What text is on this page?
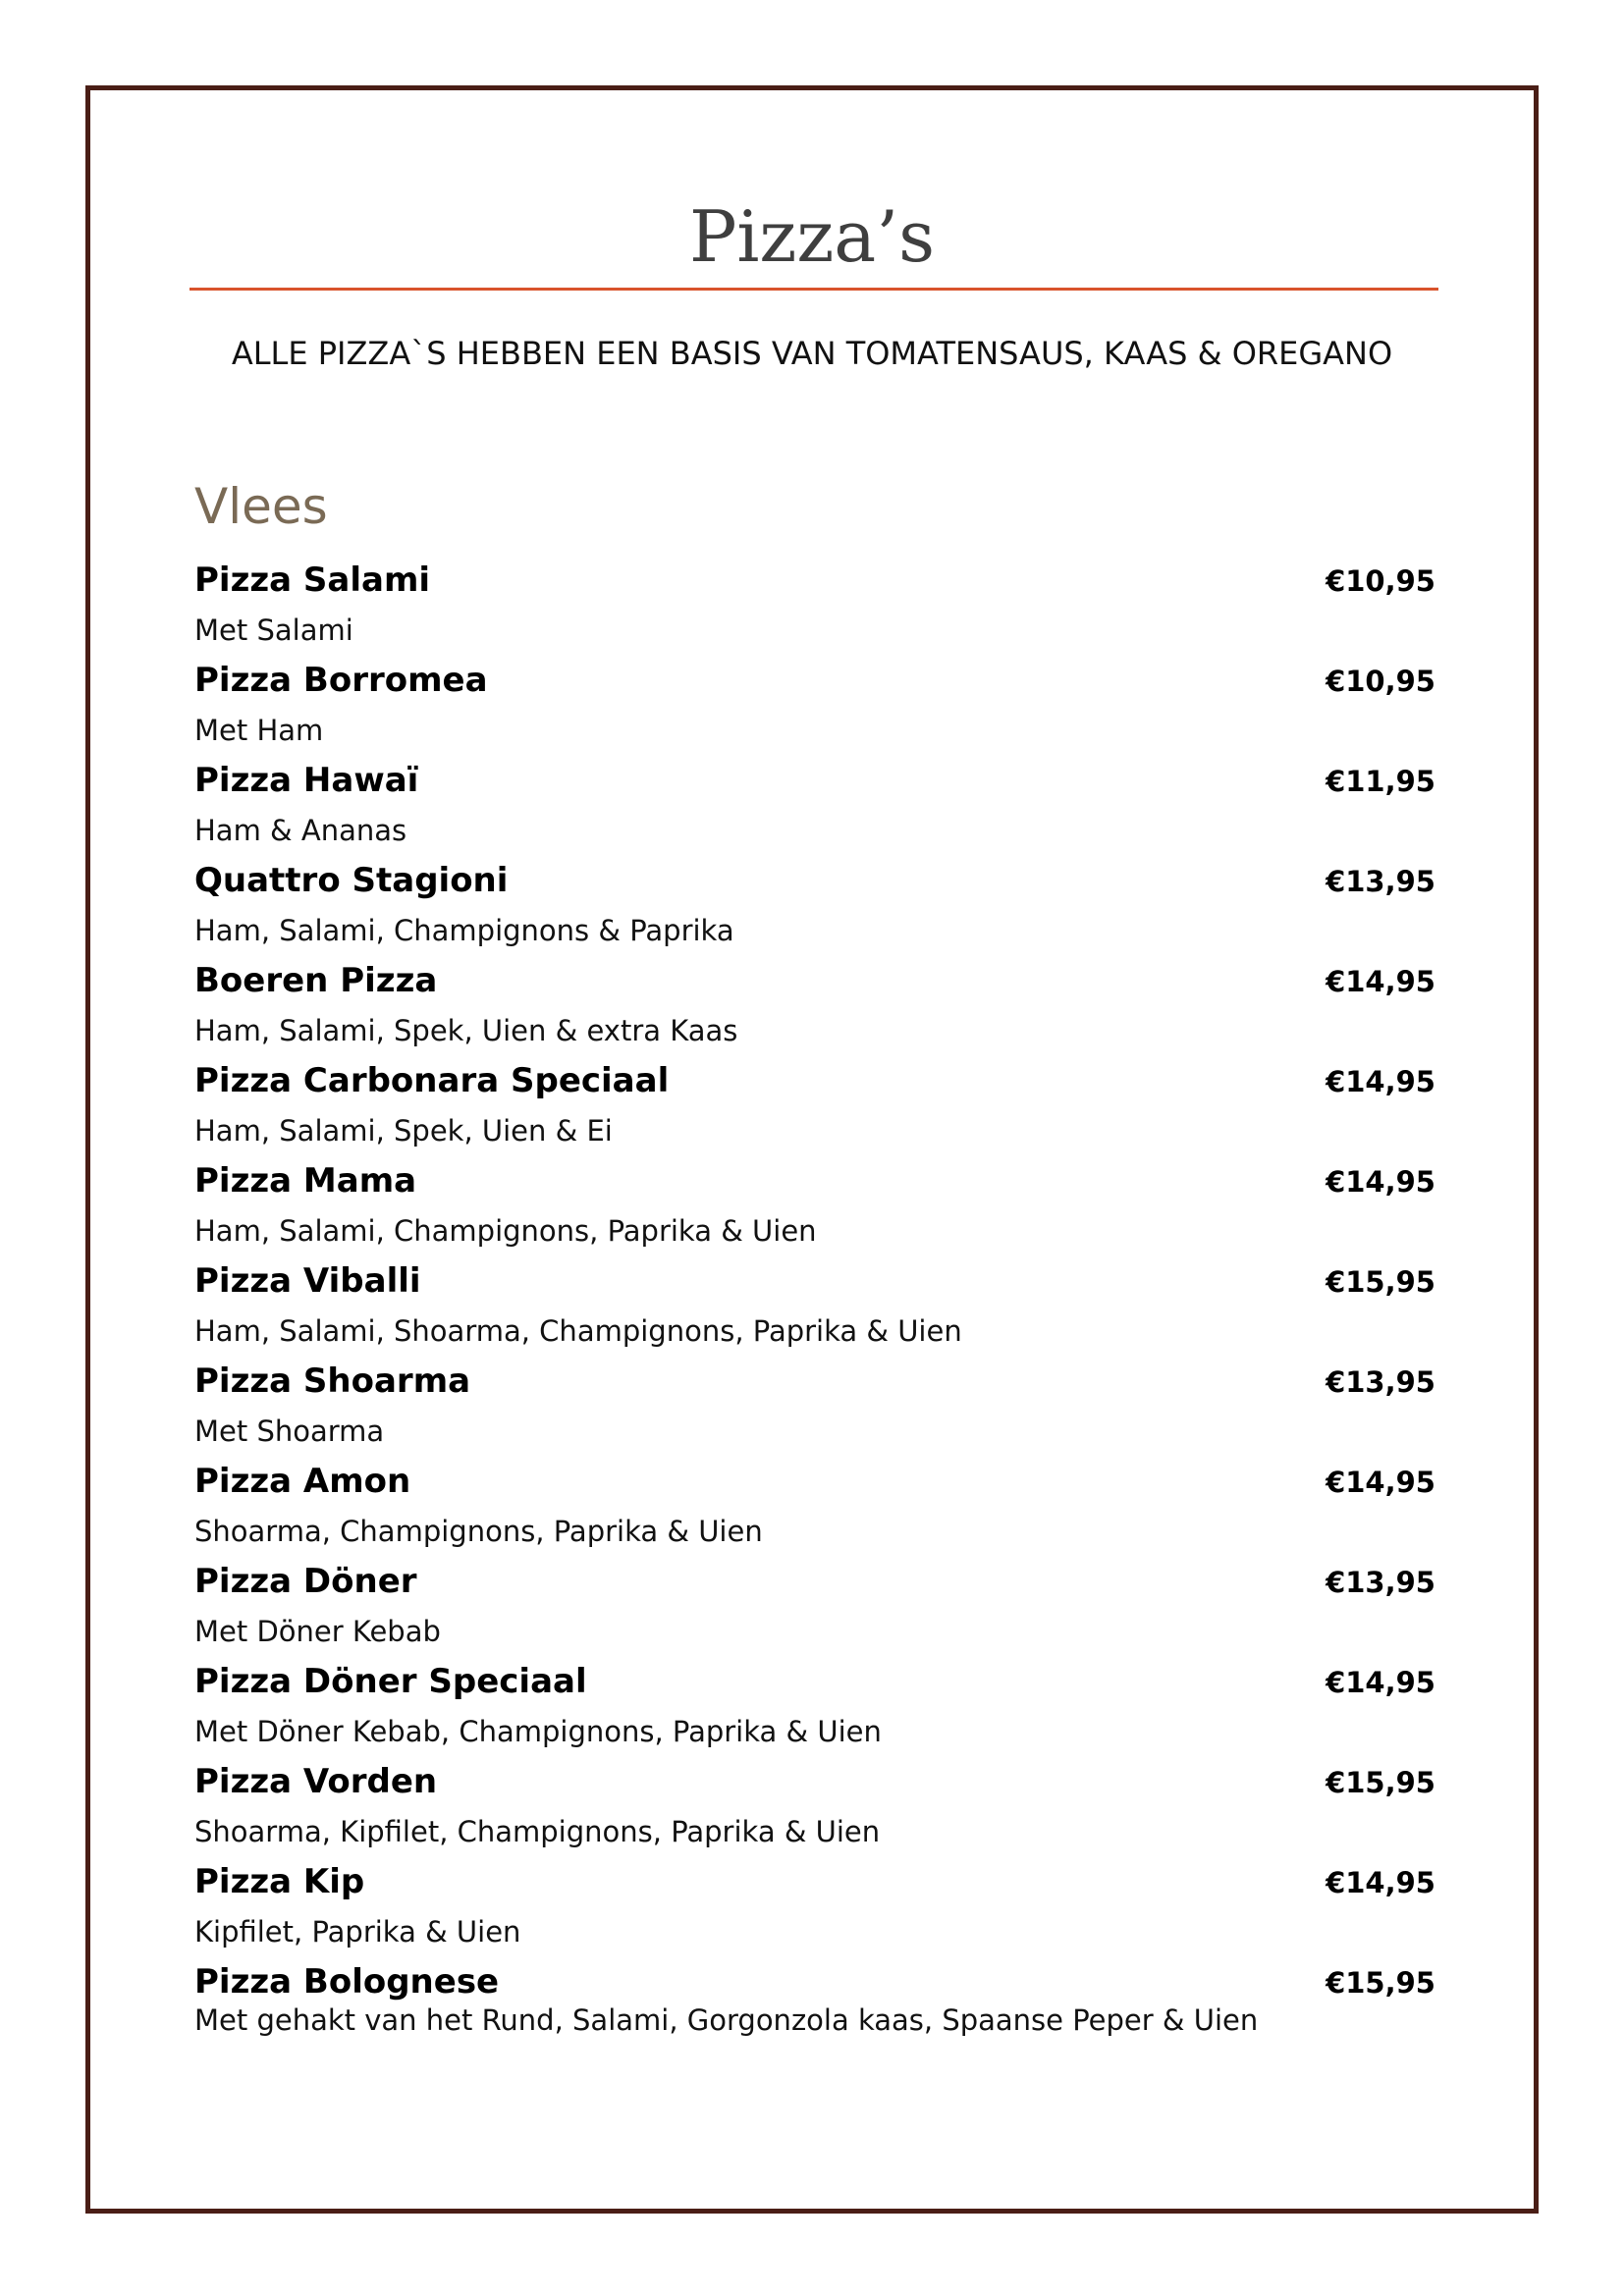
Pizza’s
ALLE PIZZA`S HEBBEN EEN BASIS VAN TOMATENSAUS, KAAS & OREGANO
Vlees
Pizza Salami	€10,95
Met Salami
Pizza Borromea	€10,95
Met Ham
Pizza Hawaï	€11,95
Ham & Ananas
Quattro Stagioni	€13,95
Ham, Salami, Champignons & Paprika
Boeren Pizza	€14,95
Ham, Salami, Spek, Uien & extra Kaas
Pizza Carbonara Speciaal	€14,95
Ham, Salami, Spek, Uien & Ei
Pizza Mama	€14,95
Ham, Salami, Champignons, Paprika & Uien
Pizza Viballi	€15,95
Ham, Salami, Shoarma, Champignons, Paprika & Uien
Pizza Shoarma	€13,95
Met Shoarma
Pizza Amon	€14,95
Shoarma, Champignons, Paprika & Uien
Pizza Döner	€13,95
Met Döner Kebab
Pizza Döner Speciaal	€14,95
Met Döner Kebab, Champignons, Paprika & Uien
Pizza Vorden	€15,95
Shoarma, Kipfilet, Champignons, Paprika & Uien
Pizza Kip	€14,95
Kipfilet, Paprika & Uien
Pizza Bolognese	€15,95
Met gehakt van het Rund, Salami, Gorgonzola kaas, Spaanse Peper & Uien
